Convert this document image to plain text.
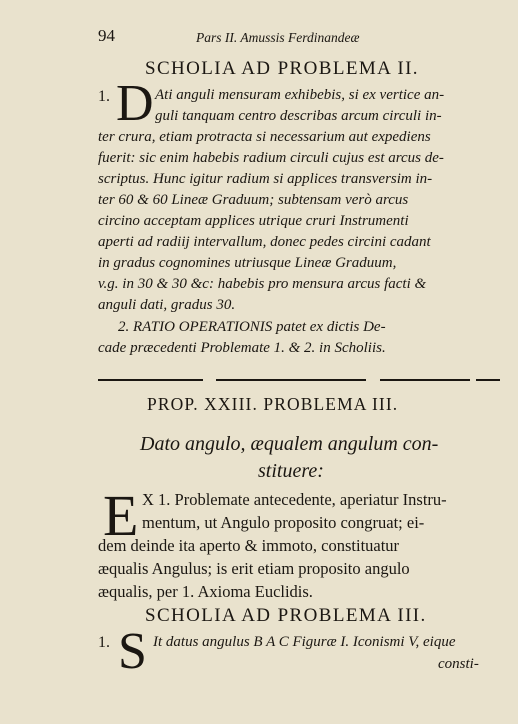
94	Pars II. Amussis Ferdinandeæ
SCHOLIA AD PROBLEMA II.
1. D Ati anguli mensuram exhibebis, si ex vertice an-
guli tanquam centro describas arcum circuli in-
ter crura, etiam protracta si necessarium aut expediens
fuerit: sic enim habebis radium circuli cujus est arcus de-
scriptus. Hunc igitur radium si applices transversim in-
ter 60 & 60 Lineæ Graduum; subtensam verò arcus
circino acceptam applices utrique cruri Instrumenti
aperti ad radiij intervallum, donec pedes circini cadant
in gradus cognomines utriusque Lineæ Graduum,
v.g. in 30 & 30 &c: habebis pro mensura arcus facti &
anguli dati, gradus 30.
2. RATIO OPERATIONIS patet ex dictis De-
cade præcedenti Problemate 1. & 2. in Scholiis.
PROP. XXIII. PROBLEMA III.
Dato angulo, æqualem angulum con-
stituere:
E X 1. Problemate antecedente, aperiatur Instru-
mentum, ut Angulo proposito congruat; ei-
dem deinde ita aperto & immoto, constituatur
æqualis Angulus; is erit etiam proposito angulo
æqualis, per 1. Axioma Euclidis.
SCHOLIA AD PROBLEMA III.
1. S It datus angulus B A C Figuræ I. Iconismi V, eique
consti-
